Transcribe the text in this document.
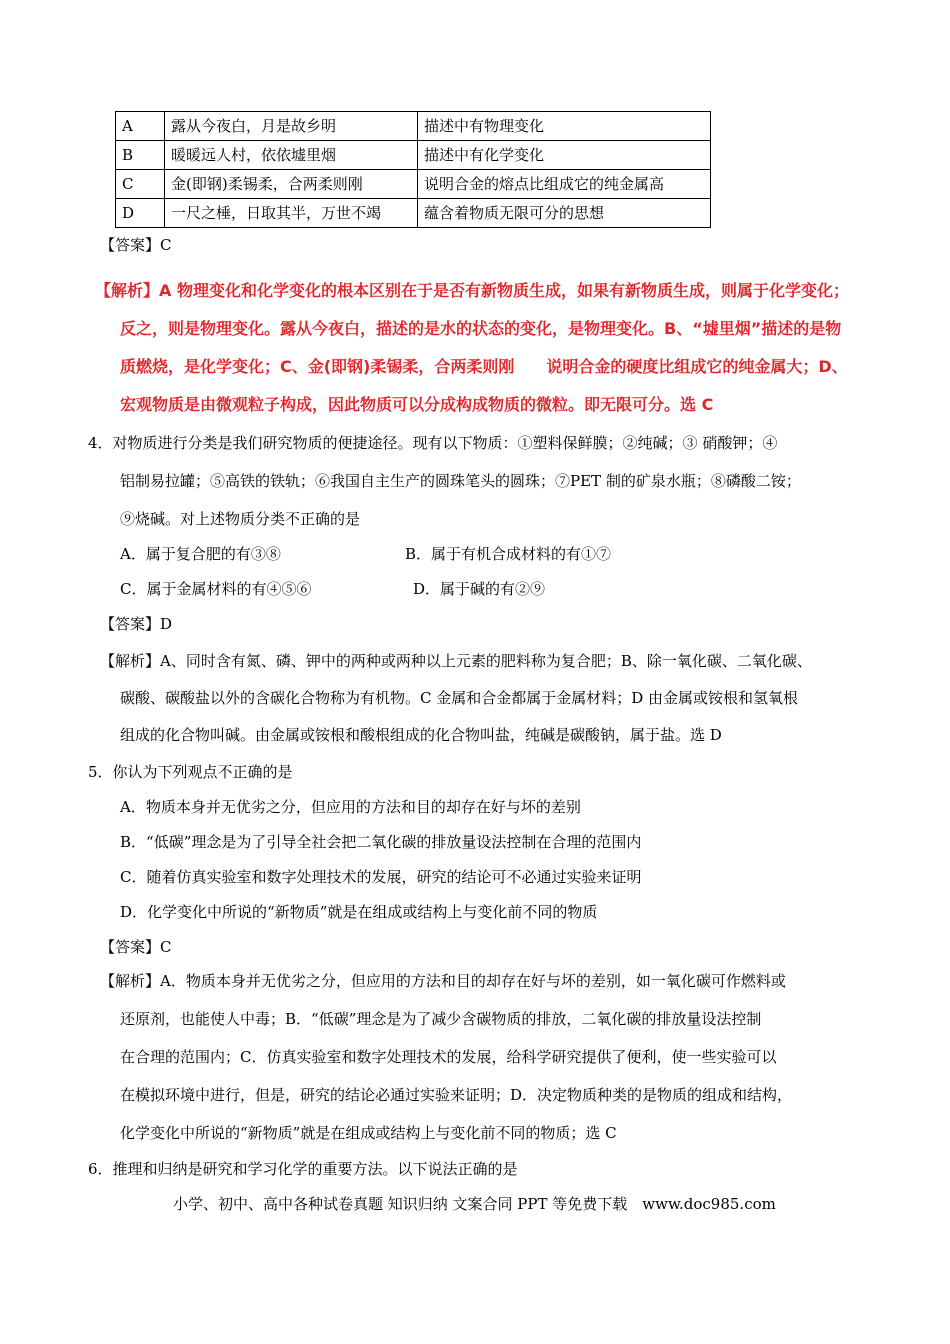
A	露从今夜白，月是故乡明	描述中有物理变化
B	暖暖远人村，依依墟里烟	描述中有化学变化
C	金(即钢)柔锡柔，合两柔则刚	说明合金的熔点比组成它的纯金属高
D	一尺之棰，日取其半，万世不竭	蕴含着物质无限可分的思想
【答案】C
【解析】A 物理变化和化学变化的根本区别在于是否有新物质生成，如果有新物质生成，则属于化学变化；
反之，则是物理变化。露从今夜白，描述的是水的状态的变化，是物理变化。B、“墟里烟”描述的是物
质燃烧，是化学变化；C、金(即钢)柔锡柔，合两柔则刚　　说明合金的硬度比组成它的纯金属大；D、
宏观物质是由微观粒子构成，因此物质可以分成构成物质的微粒。即无限可分。选 C
4．对物质进行分类是我们研究物质的便捷途径。现有以下物质：①塑料保鲜膜；②纯碱；③ 硝酸钾；④
铝制易拉罐；⑤高铁的铁轨；⑥我国自主生产的圆珠笔头的圆珠；⑦PET 制的矿泉水瓶；⑧磷酸二铵；
⑨烧碱。对上述物质分类不正确的是
A．属于复合肥的有③⑧	B．属于有机合成材料的有①⑦
C．属于金属材料的有④⑤⑥	D．属于碱的有②⑨
【答案】D
【解析】A、同时含有氮、磷、钾中的两种或两种以上元素的肥料称为复合肥；B、除一氧化碳、二氧化碳、
碳酸、碳酸盐以外的含碳化合物称为有机物。C 金属和合金都属于金属材料；D 由金属或铵根和氢氧根
组成的化合物叫碱。由金属或铵根和酸根组成的化合物叫盐，纯碱是碳酸钠，属于盐。选 D
5．你认为下列观点不正确的是
A．物质本身并无优劣之分，但应用的方法和目的却存在好与坏的差别
B．“低碳”理念是为了引导全社会把二氧化碳的排放量设法控制在合理的范围内
C．随着仿真实验室和数字处理技术的发展，研究的结论可不必通过实验来证明
D．化学变化中所说的“新物质”就是在组成或结构上与变化前不同的物质
【答案】C
【解析】A．物质本身并无优劣之分，但应用的方法和目的却存在好与坏的差别，如一氧化碳可作燃料或
还原剂，也能使人中毒；B．“低碳”理念是为了减少含碳物质的排放，二氧化碳的排放量设法控制
在合理的范围内；C．仿真实验室和数字处理技术的发展，给科学研究提供了便利，使一些实验可以
在模拟环境中进行，但是，研究的结论必通过实验来证明；D．决定物质种类的是物质的组成和结构，
化学变化中所说的“新物质”就是在组成或结构上与变化前不同的物质；选 C
6．推理和归纳是研究和学习化学的重要方法。以下说法正确的是
小学、初中、高中各种试卷真题 知识归纳 文案合同 PPT 等免费下载　www.doc985.com
